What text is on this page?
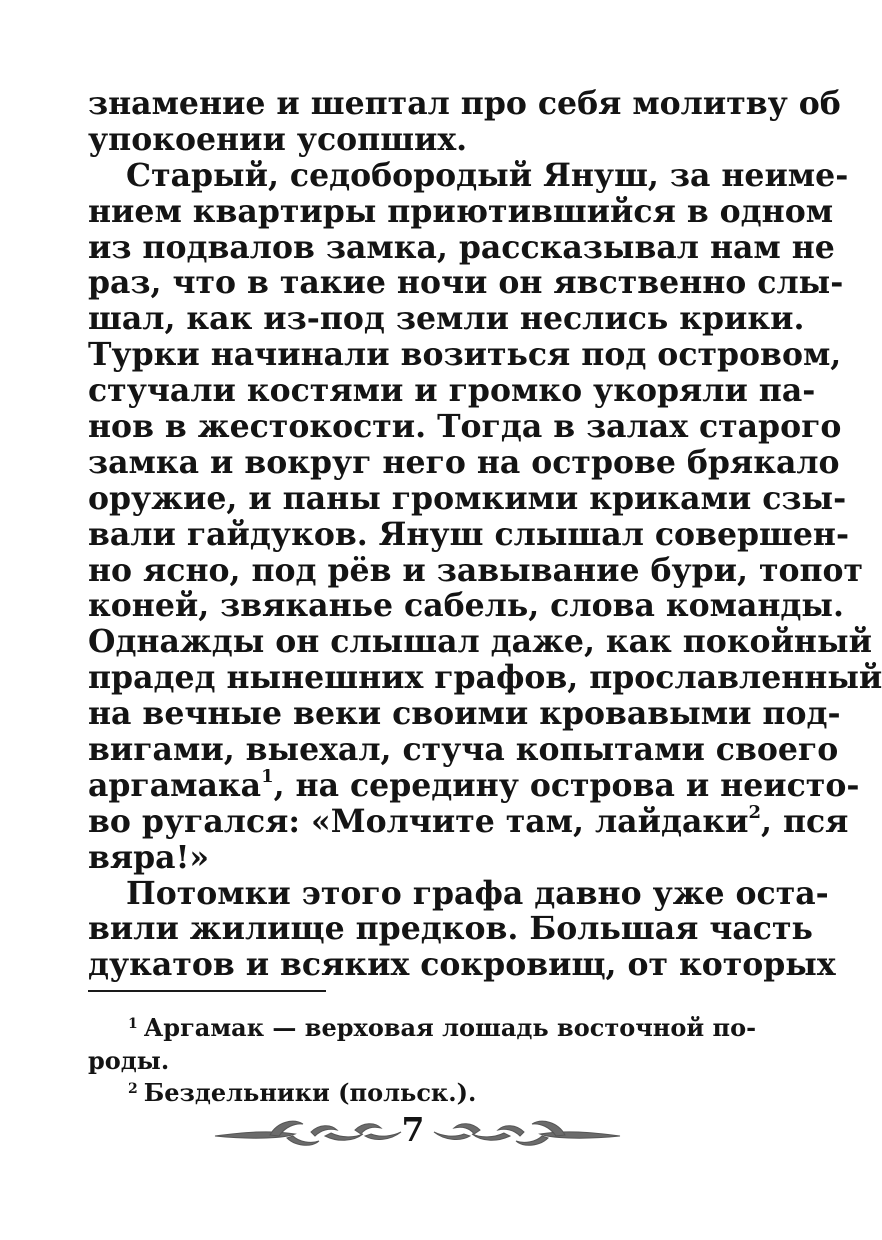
знамение и шептал про себя молитву об
упокоении усопших.
Старый, седобородый Януш, за неиме-
нием квартиры приютившийся в одном
из подвалов замка, рассказывал нам не
раз, что в такие ночи он явственно слы-
шал, как из-под земли неслись крики.
Турки начинали возиться под островом,
стучали костями и громко укоряли па-
нов в жестокости. Тогда в залах старого
замка и вокруг него на острове брякало
оружие, и паны громкими криками сзы-
вали гайдуков. Януш слышал совершен-
но ясно, под рёв и завывание бури, топот
коней, звяканье сабель, слова команды.
Однажды он слышал даже, как покойный
прадед нынешних графов, прославленный
на вечные веки своими кровавыми под-
вигами, выехал, стуча копытами своего
аргамака$^1$, на середину острова и неисто-
во ругался: «Молчите там, лайдаки$^2$, пся
вяра!»
Потомки этого графа давно уже оста-
вили жилище предков. Большая часть
дукатов и всяких сокровищ, от которых
$^1$ Аргамак — верховая лошадь восточной по-
роды.
$^2$ Бездельники (польск.).
7
